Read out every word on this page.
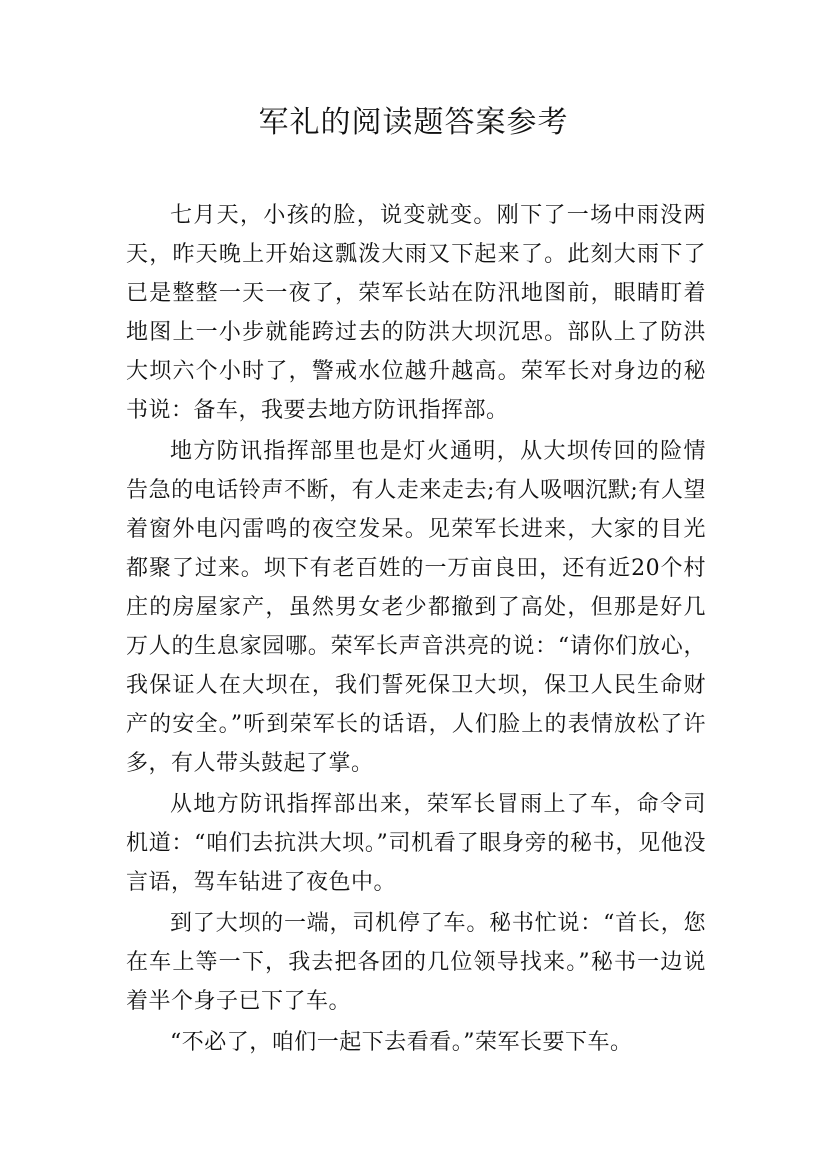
军礼的阅读题答案参考

七月天，小孩的脸，说变就变。刚下了一场中雨没两天，昨天晚上开始这瓢泼大雨又下起来了。此刻大雨下了已是整整一天一夜了，荣军长站在防汛地图前，眼睛盯着地图上一小步就能跨过去的防洪大坝沉思。部队上了防洪大坝六个小时了，警戒水位越升越高。荣军长对身边的秘书说：备车，我要去地方防讯指挥部。

地方防讯指挥部里也是灯火通明，从大坝传回的险情告急的电话铃声不断，有人走来走去;有人吸咽沉默;有人望着窗外电闪雷鸣的夜空发呆。见荣军长进来，大家的目光都聚了过来。坝下有老百姓的一万亩良田，还有近20个村庄的房屋家产，虽然男女老少都撤到了高处，但那是好几万人的生息家园哪。荣军长声音洪亮的说：“请你们放心，我保证人在大坝在，我们誓死保卫大坝，保卫人民生命财产的安全。”听到荣军长的话语，人们脸上的表情放松了许多，有人带头鼓起了掌。

从地方防讯指挥部出来，荣军长冒雨上了车，命令司机道：“咱们去抗洪大坝。”司机看了眼身旁的秘书，见他没言语，驾车钻进了夜色中。

到了大坝的一端，司机停了车。秘书忙说：“首长，您在车上等一下，我去把各团的几位领导找来。”秘书一边说着半个身子已下了车。

“不必了，咱们一起下去看看。”荣军长要下车。
